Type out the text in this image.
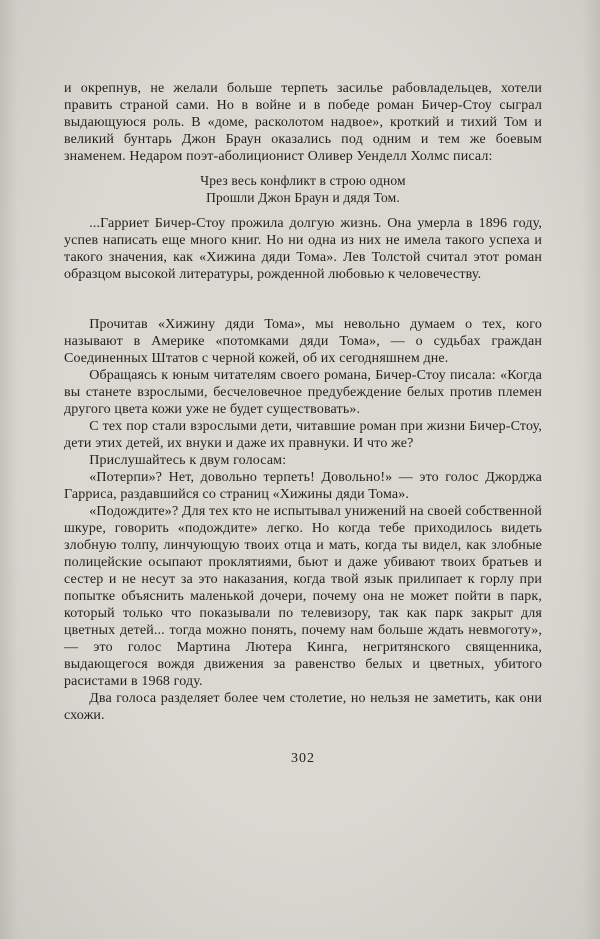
и окрепнув, не желали больше терпеть засилье рабовладельцев, хотели править страной сами. Но в войне и в победе роман Бичер-Стоу сыграл выдающуюся роль. В «доме, расколотом надвое», кроткий и тихий Том и великий бунтарь Джон Браун оказались под одним и тем же боевым знаменем. Недаром поэт-аболиционист Оливер Уенделл Холмс писал:

Чрез весь конфликт в строю одном
Прошли Джон Браун и дядя Том.

...Гарриет Бичер-Стоу прожила долгую жизнь. Она умерла в 1896 году, успев написать еще много книг. Но ни одна из них не имела такого успеха и такого значения, как «Хижина дяди Тома». Лев Толстой считал этот роман образцом высокой литературы, рожденной любовью к человечеству.

Прочитав «Хижину дяди Тома», мы невольно думаем о тех, кого называют в Америке «потомками дяди Тома», — о судьбах граждан Соединенных Штатов с черной кожей, об их сегодняшнем дне.

Обращаясь к юным читателям своего романа, Бичер-Стоу писала: «Когда вы станете взрослыми, бесчеловечное предубеждение белых против племен другого цвета кожи уже не будет существовать».

С тех пор стали взрослыми дети, читавшие роман при жизни Бичер-Стоу, дети этих детей, их внуки и даже их правнуки. И что же?

Прислушайтесь к двум голосам:

«Потерпи»? Нет, довольно терпеть! Довольно!» — это голос Джорджа Гарриса, раздавшийся со страниц «Хижины дяди Тома».

«Подождите»? Для тех кто не испытывал унижений на своей собственной шкуре, говорить «подождите» легко. Но когда тебе приходилось видеть злобную толпу, линчующую твоих отца и мать, когда ты видел, как злобные полицейские осыпают проклятиями, бьют и даже убивают твоих братьев и сестер и не несут за это наказания, когда твой язык прилипает к горлу при попытке объяснить маленькой дочери, почему она не может пойти в парк, который только что показывали по телевизору, так как парк закрыт для цветных детей... тогда можно понять, почему нам больше ждать невмоготу», — это голос Мартина Лютера Кинга, негритянского священника, выдающегося вождя движения за равенство белых и цветных, убитого расистами в 1968 году.

Два голоса разделяет более чем столетие, но нельзя не заметить, как они схожи.

302
